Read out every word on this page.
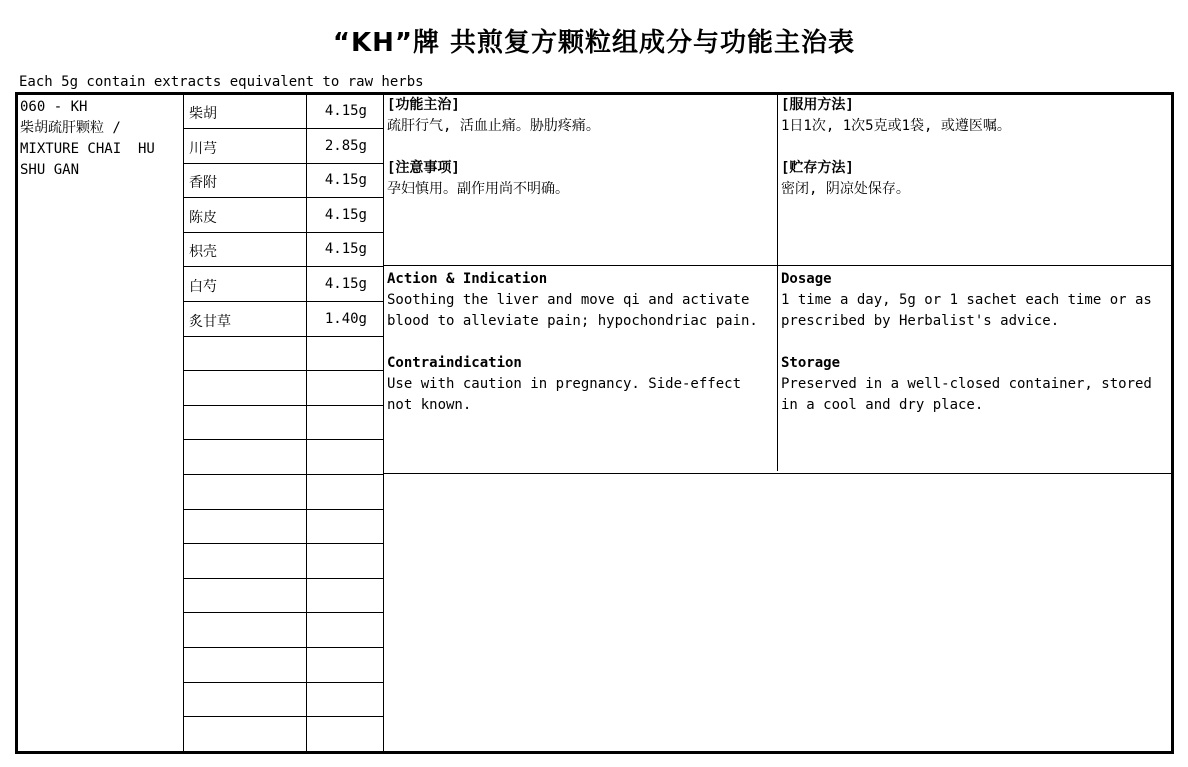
“KH”牌 共煎复方颗粒组成分与功能主治表
Each 5g contain extracts equivalent to raw herbs
060 - KH
柴胡疏肝颗粒 /
MIXTURE CHAI  HU
SHU GAN
柴胡	4.15g
川芎	2.85g
香附	4.15g
陈皮	4.15g
枳壳	4.15g
白芍	4.15g
炙甘草	1.40g
[功能主治]
疏肝行气, 活血止痛。胁肋疼痛。
[注意事项]
孕妇慎用。副作用尚不明确。
[服用方法]
1日1次, 1次5克或1袋, 或遵医嘱。
[贮存方法]
密闭, 阴凉处保存。
Action & Indication
Soothing the liver and move qi and activate
blood to alleviate pain; hypochondriac pain.
Contraindication
Use with caution in pregnancy. Side-effect
not known.
Dosage
1 time a day, 5g or 1 sachet each time or as
prescribed by Herbalist's advice.
Storage
Preserved in a well-closed container, stored
in a cool and dry place.
